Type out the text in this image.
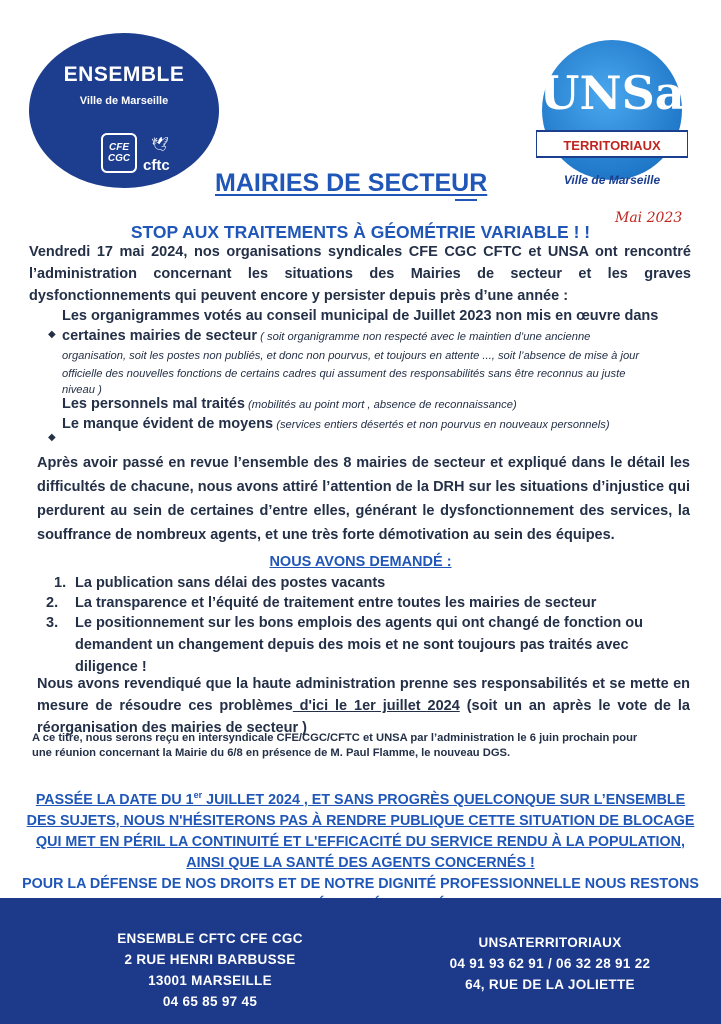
ENSEMBLE
Ville de Marseille
CFE CGC
🕊
cftc
UNSa
TERRITORIAUX
Ville de Marseille
Mai 2023
MAIRIES DE SECTEUR
STOP AUX TRAITEMENTS À GÉOMÉTRIE VARIABLE ! !
Vendredi 17 mai 2024, nos organisations syndicales CFE CGC CFTC et UNSA ont rencontré
l’administration concernant les situations des Mairies de secteur et les graves
dysfonctionnements qui peuvent encore y persister depuis près d’une année :
Les organigrammes votés au conseil municipal de Juillet 2023 non mis en œuvre dans
◆ certaines mairies de secteur ( soit organigramme non respecté avec le maintien d’une ancienne
organisation, soit les postes non publiés, et donc non pourvus, et toujours en attente ..., soit l’absence de mise à jour
officielle des nouvelles fonctions de certains cadres qui assument des responsabilités sans être reconnus au juste
niveau )
Les personnels mal traités (mobilités au point mort , absence de reconnaissance)
Le manque évident de moyens (services entiers désertés et non pourvus en nouveaux personnels)
◆
Après avoir passé en revue l’ensemble des 8 mairies de secteur et expliqué dans le détail les
difficultés de chacune, nous avons attiré l’attention de la DRH sur les situations d’injustice qui
perdurent au sein de certaines d’entre elles, générant le dysfonctionnement des services, la
souffrance de nombreux agents, et une très forte démotivation au sein des équipes.
NOUS AVONS DEMANDÉ :
1. La publication sans délai des postes vacants
2.	La transparence et l’équité de traitement entre toutes les mairies de secteur
3.	Le positionnement sur les bons emplois des agents qui ont changé de fonction ou
demandent un changement depuis des mois et ne sont toujours pas traités avec diligence !
Nous avons revendiqué que la haute administration prenne ses responsabilités et se mette en
mesure de résoudre ces problèmes d'ici le 1er juillet 2024 (soit un an après le vote de la
réorganisation des mairies de secteur )
A ce titre, nous serons reçu en intersyndicale CFE/CGC/CFTC et UNSA par l’administration le 6 juin prochain pour
une réunion concernant la Mairie du 6/8 en présence de M. Paul Flamme, le nouveau DGS.
PASSÉE LA DATE DU 1er JUILLET 2024 , ET SANS PROGRÈS QUELCONQUE SUR L’ENSEMBLE
DES SUJETS, NOUS N'HÉSITERONS PAS À RENDRE PUBLIQUE CETTE SITUATION DE BLOCAGE
QUI MET EN PÉRIL LA CONTINUITÉ ET L'EFFICACITÉ DU SERVICE RENDU À LA POPULATION,
AINSI QUE LA SANTÉ DES AGENTS CONCERNÉS !
POUR LA DÉFENSE DE NOS DROITS ET DE NOTRE DIGNITÉ PROFESSIONNELLE NOUS RESTONS
ENSEMBLE CFTC CFE CGC
2 RUE HENRI BARBUSSE
13001 MARSEILLE
04 65 85 97 45
UNSATERRITORIAUX
04 91 93 62 91 / 06 32 28 91 22
64, RUE DE LA JOLIETTE
